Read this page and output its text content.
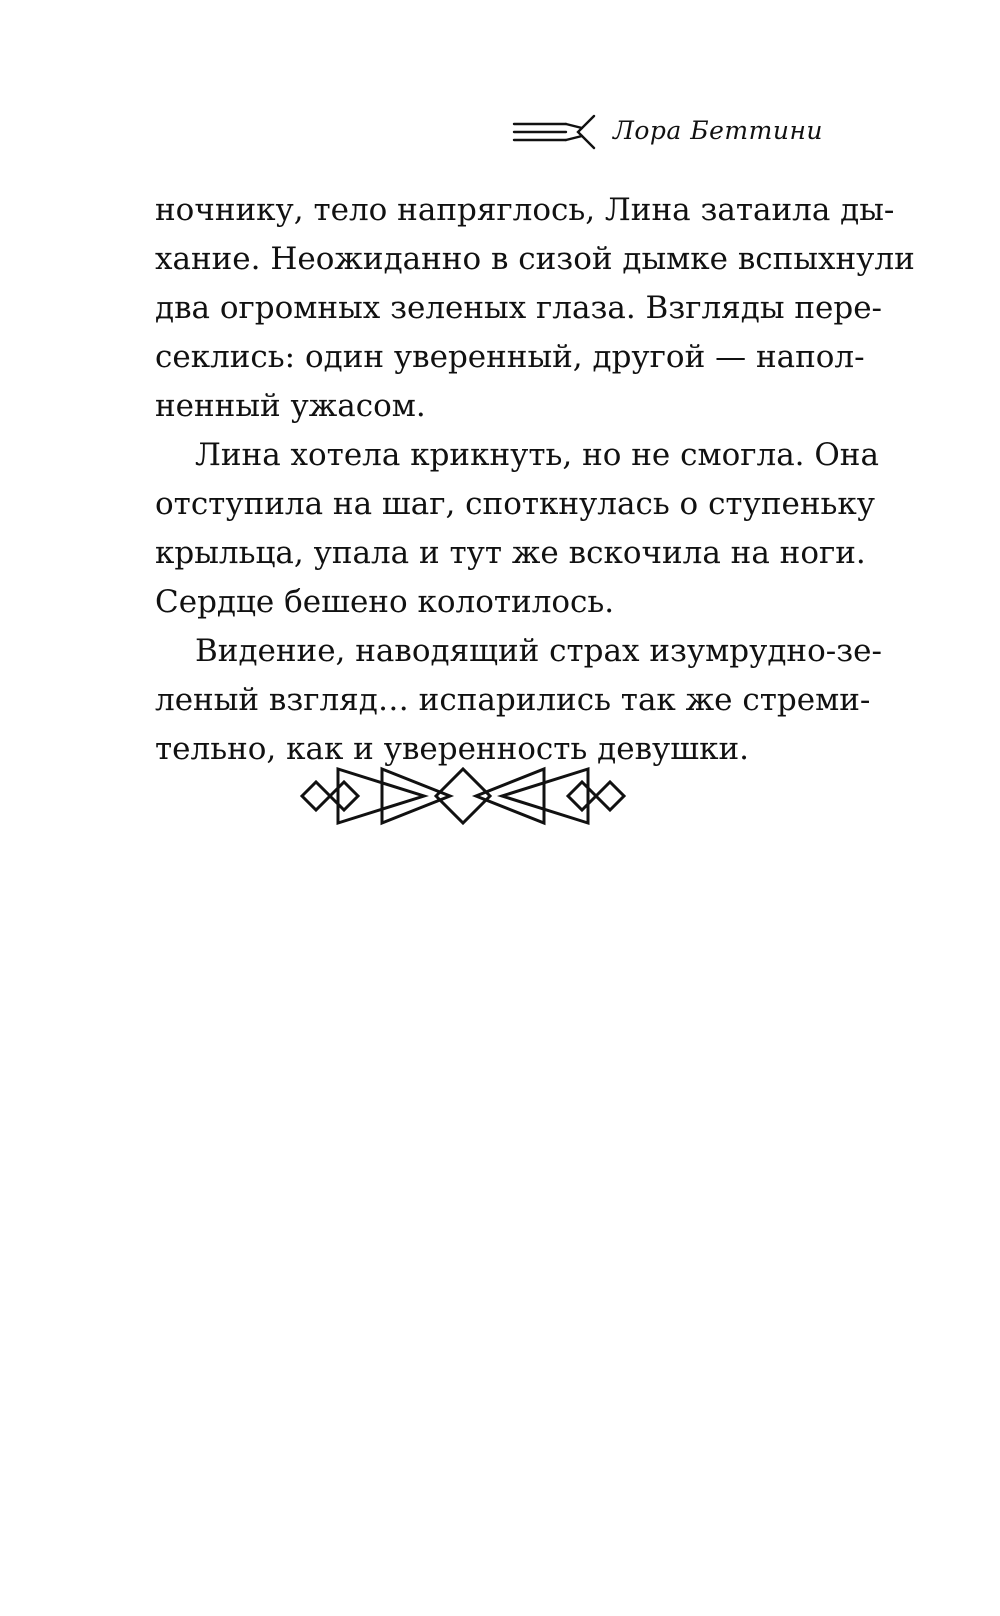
Лора Беттини
ночнику, тело напряглось, Лина затаила ды-
хание. Неожиданно в сизой дымке вспыхнули
два огромных зеленых глаза. Взгляды пере-
секлись: один уверенный, другой — напол-
ненный ужасом.
Лина хотела крикнуть, но не смогла. Она
отступила на шаг, споткнулась о ступеньку
крыльца, упала и тут же вскочила на ноги.
Сердце бешено колотилось.
Видение, наводящий страх изумрудно-зе-
леный взгляд… испарились так же стреми-
тельно, как и уверенность девушки.
